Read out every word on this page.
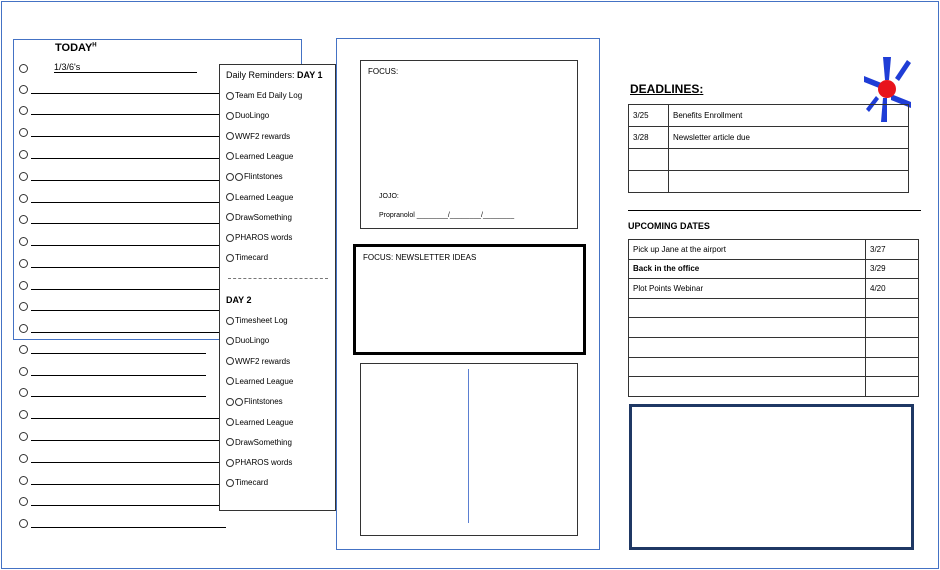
$TODAY^H$
1/3/6's
Daily Reminders: DAY 1
Team Ed Daily Log
DuoLingo
WWF2 rewards
Learned League
Flintstones
Learned League
DrawSomething
PHAROS words
Timecard
DAY 2
Timesheet Log
DuoLingo
WWF2 rewards
Learned League
Flintstones
Learned League
DrawSomething
PHAROS words
Timecard
FOCUS:
JOJO:
Propranolol ________/________/________
FOCUS: NEWSLETTER IDEAS
DEADLINES:
3/25	Benefits Enrollment
3/28	Newsletter article due

UPCOMING DATES
Pick up Jane at the airport	3/27
Back in the office	3/29
Plot Points Webinar	4/20
